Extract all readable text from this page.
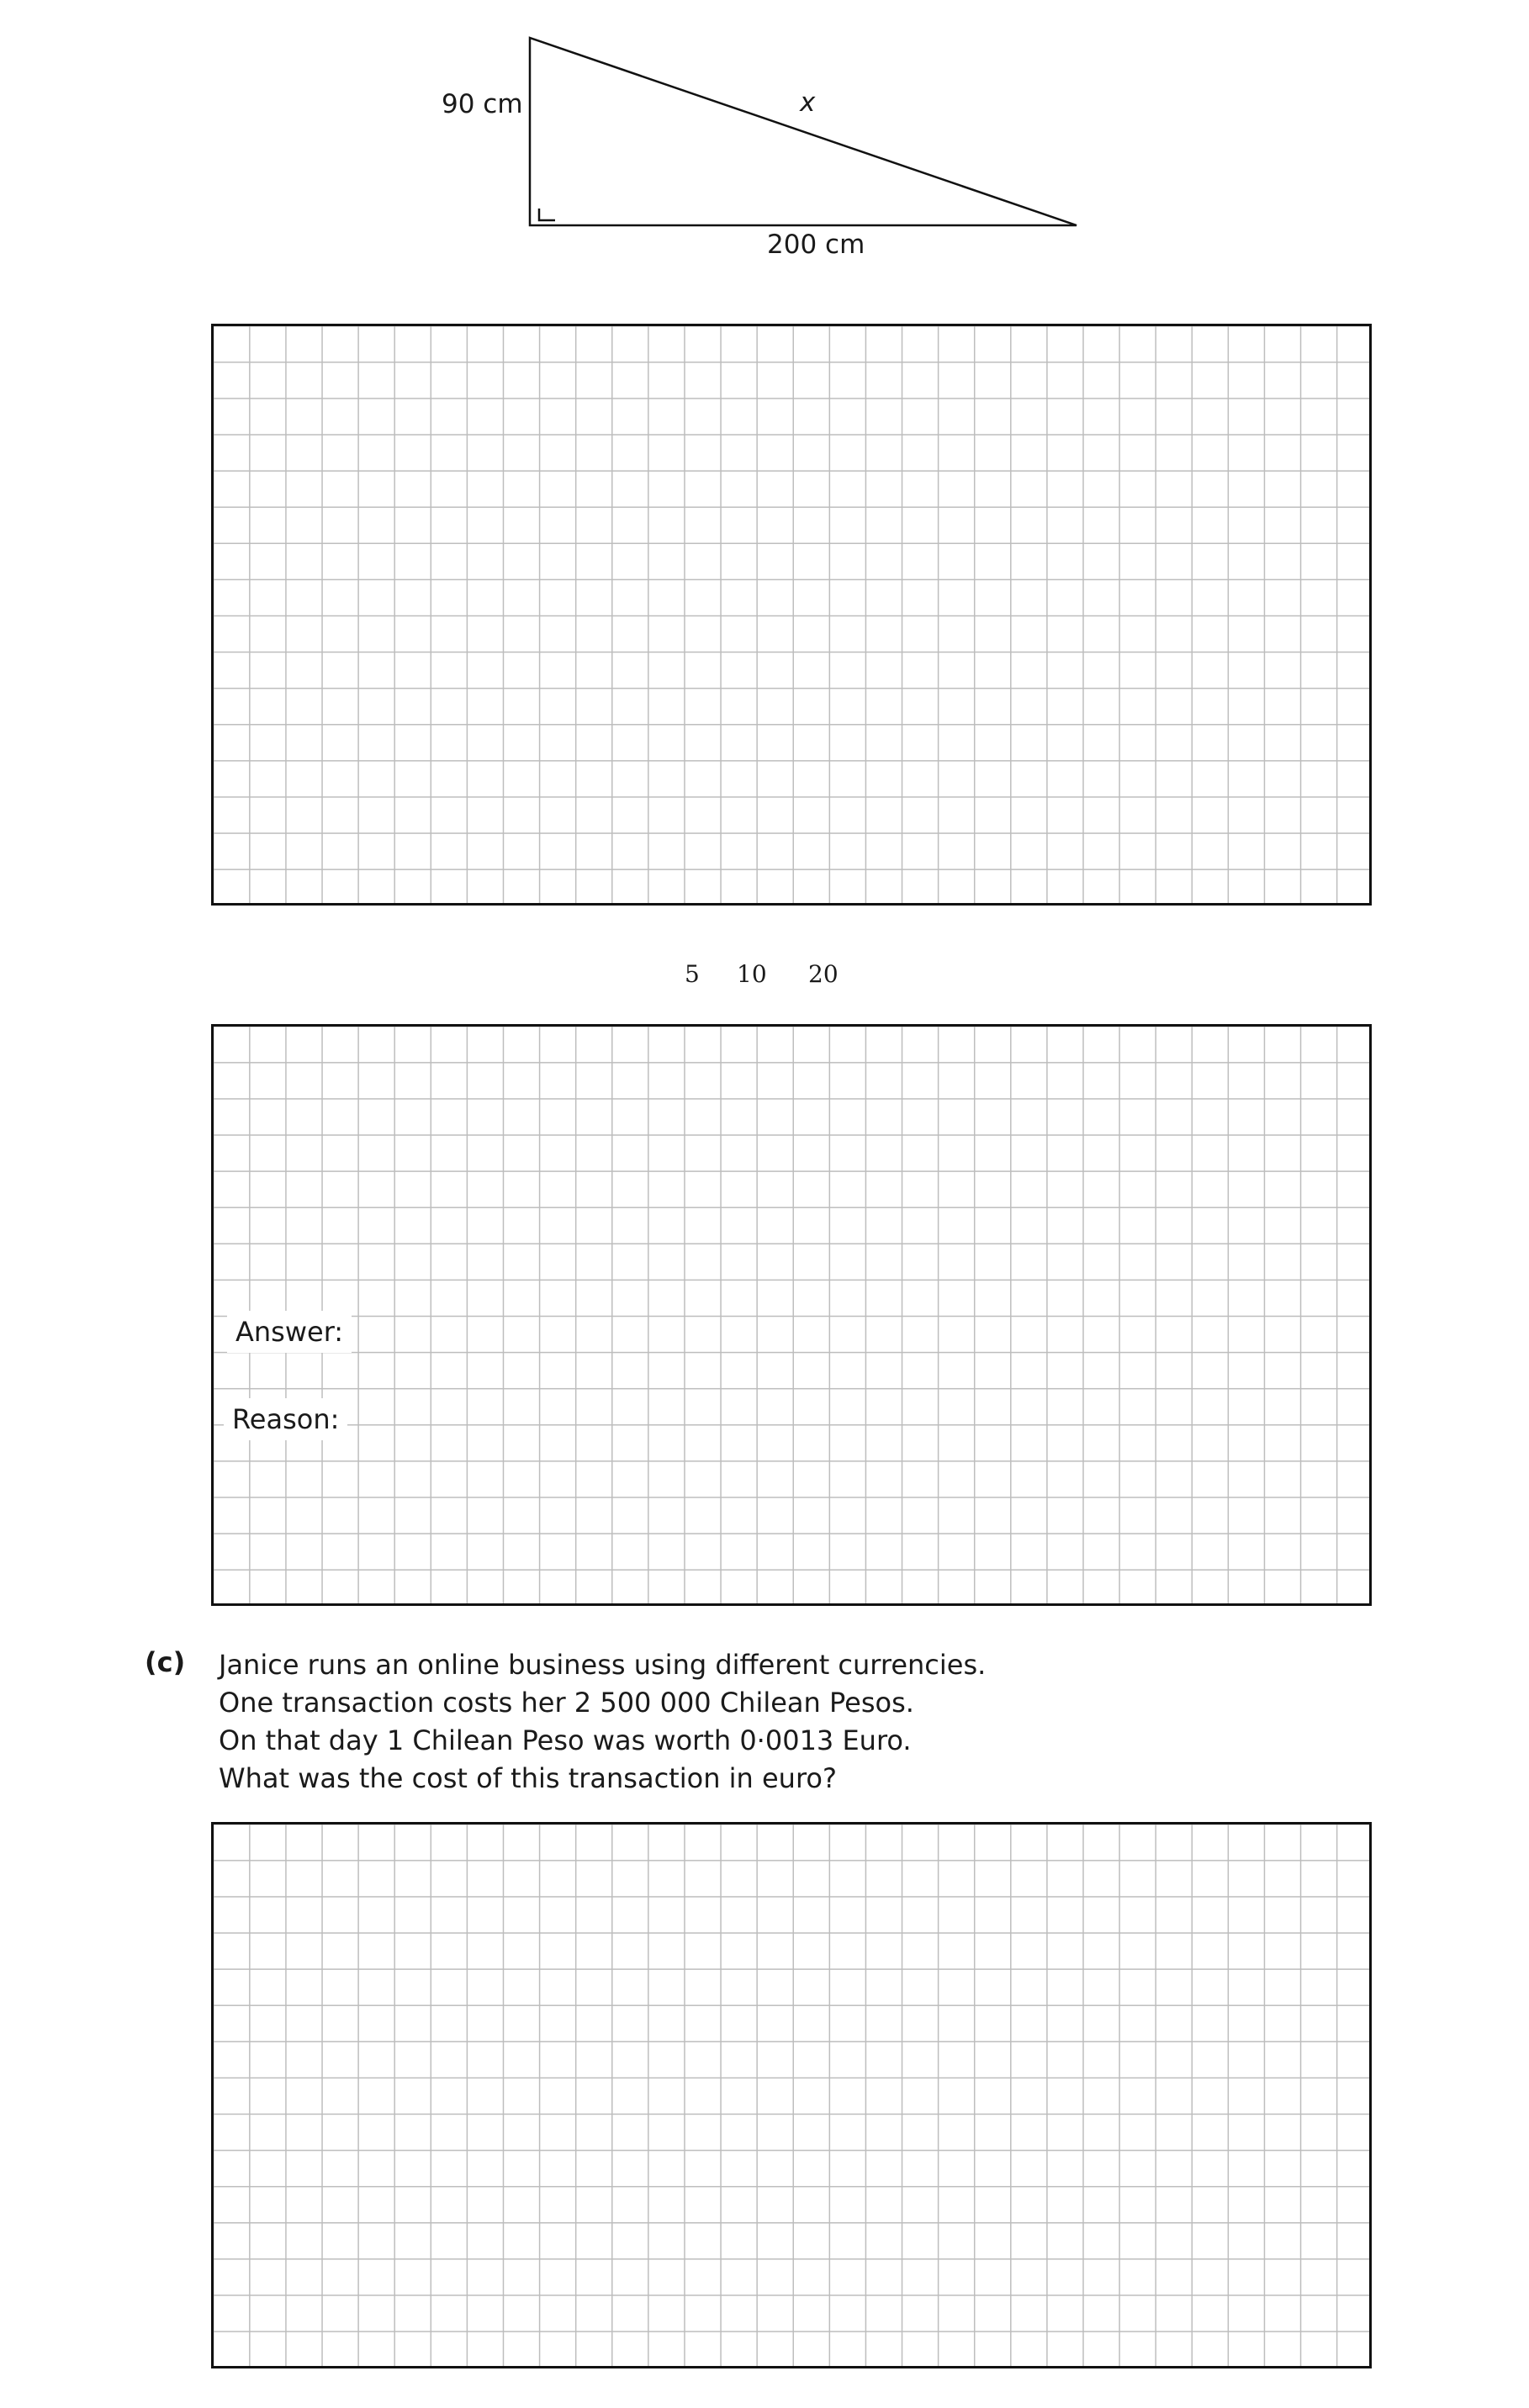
90 cm	x
200 cm
5 10 20
Answer:
Reason:
(c) Janice runs an online business using different currencies.
One transaction costs her 2 500 000 Chilean Pesos.
On that day 1 Chilean Peso was worth 0·0013 Euro.
What was the cost of this transaction in euro?
